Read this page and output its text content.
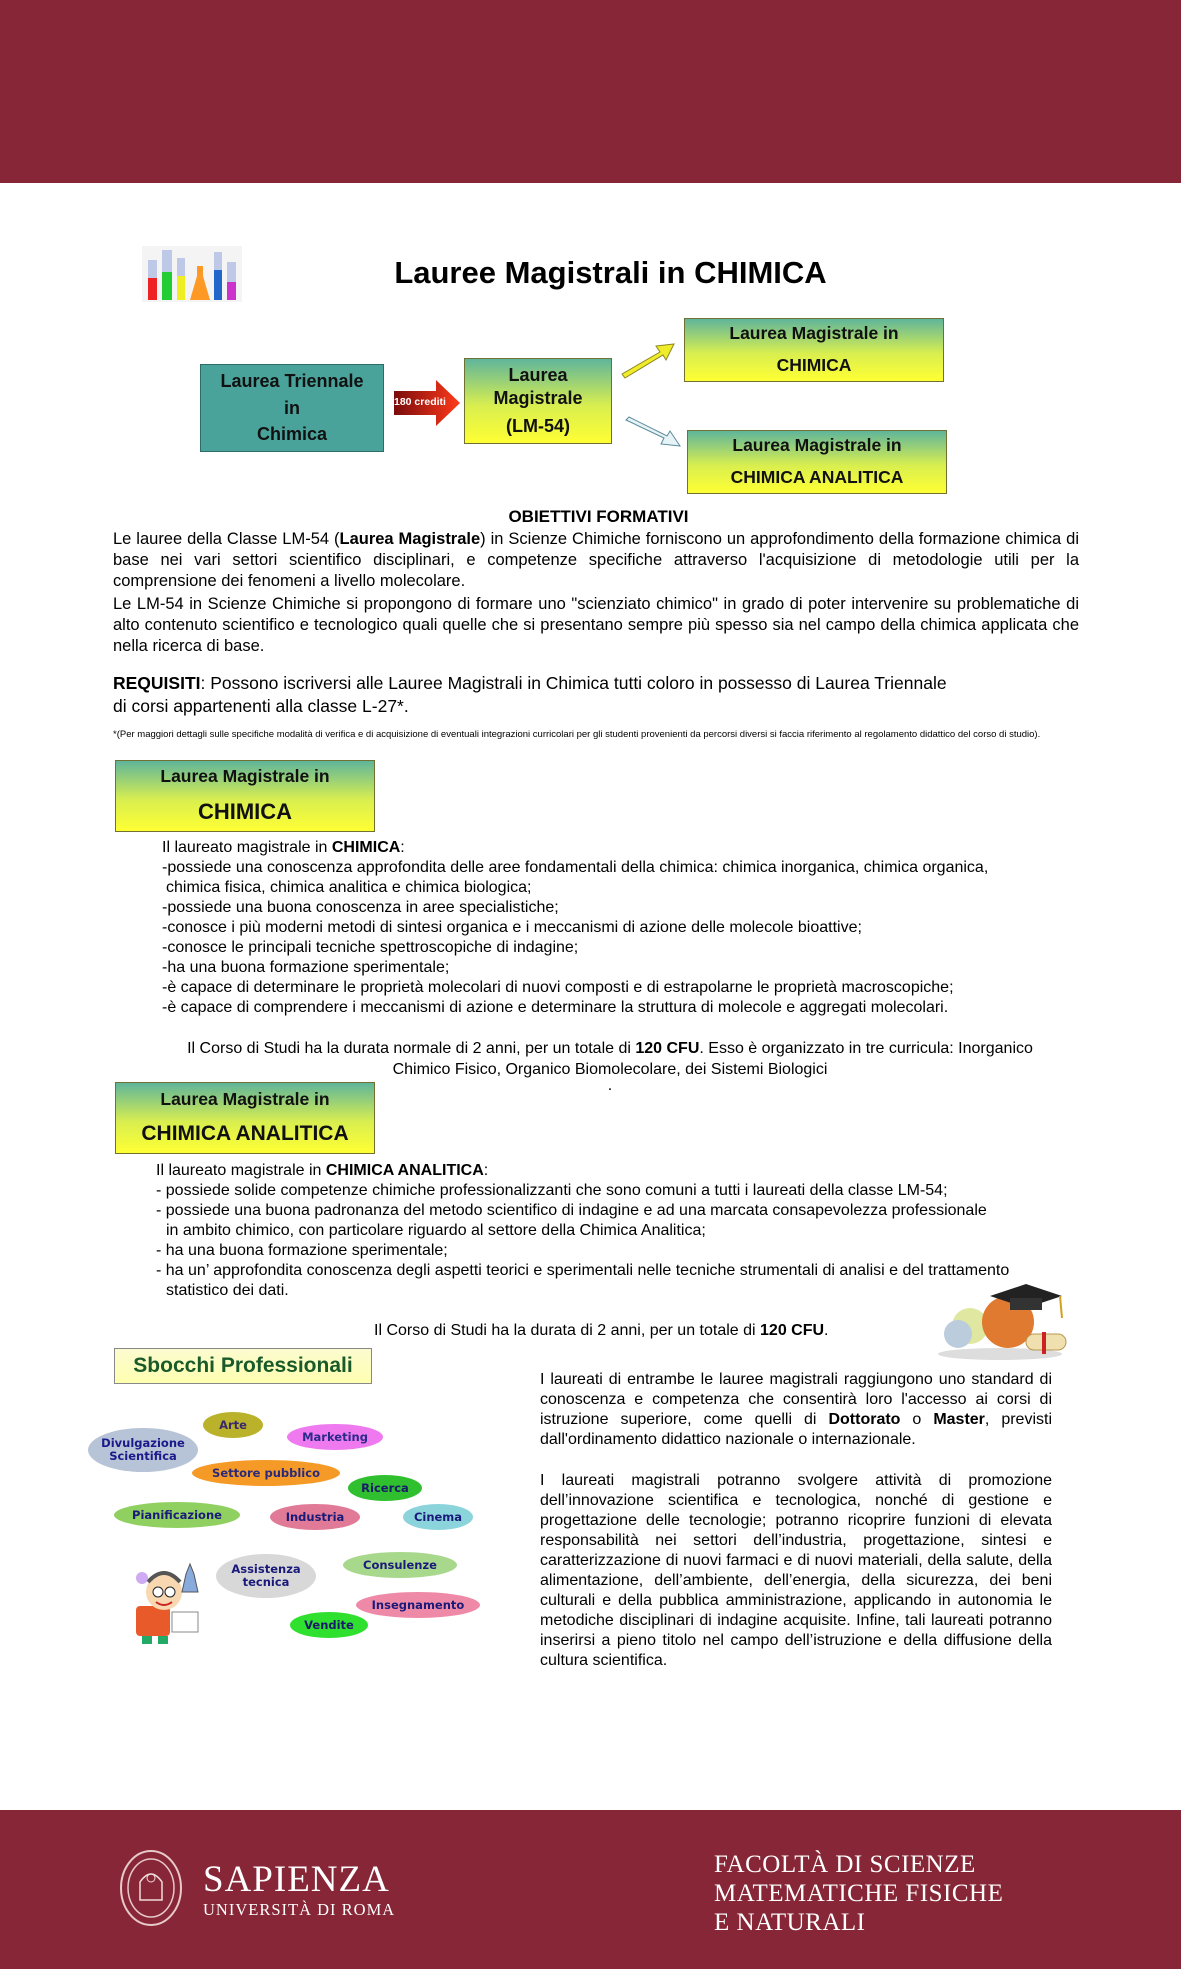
Lauree Magistrali in CHIMICA
Laurea Triennale
in
Chimica
180 crediti
Laurea
Magistrale
(LM-54)
Laurea Magistrale in
CHIMICA
Laurea Magistrale in
CHIMICA ANALITICA
OBIETTIVI FORMATIVI
Le lauree della Classe LM-54 (Laurea Magistrale) in Scienze Chimiche forniscono un approfondimento della formazione chimica di base nei vari settori scientifico disciplinari, e competenze specifiche attraverso l'acquisizione di metodologie utili per la comprensione dei fenomeni a livello molecolare.
Le LM-54 in Scienze Chimiche si propongono di formare uno "scienziato chimico" in grado di poter intervenire su problematiche di alto contenuto scientifico e tecnologico quali quelle che si presentano sempre più spesso sia nel campo della chimica applicata che nella ricerca di base.
REQUISITI: Possono iscriversi alle Lauree Magistrali in Chimica tutti coloro in possesso di Laurea Triennale
di corsi appartenenti alla classe L-27*.
*(Per maggiori dettagli sulle specifiche modalità di verifica e di acquisizione di eventuali integrazioni curricolari per gli studenti provenienti da percorsi diversi si faccia riferimento al regolamento didattico del corso di studio).
Laurea Magistrale in
CHIMICA
Il laureato magistrale in CHIMICA:
-possiede una conoscenza approfondita delle aree fondamentali della chimica: chimica inorganica, chimica organica,
chimica fisica, chimica analitica e chimica biologica;
-possiede una buona conoscenza in aree specialistiche;
-conosce i più moderni metodi di sintesi organica e i meccanismi di azione delle molecole bioattive;
-conosce le principali tecniche spettroscopiche di indagine;
-ha una buona formazione sperimentale;
-è capace di determinare le proprietà molecolari di nuovi composti e di estrapolarne le proprietà macroscopiche;
-è capace di comprendere i meccanismi di azione e determinare la struttura di molecole e aggregati molecolari.
Il Corso di Studi ha la durata normale di 2 anni, per un totale di 120 CFU. Esso è organizzato in tre curricula: Inorganico
Chimico Fisico, Organico Biomolecolare, dei Sistemi Biologici
.
Laurea Magistrale in
CHIMICA ANALITICA
Il laureato magistrale in CHIMICA ANALITICA:
- possiede solide competenze chimiche professionalizzanti che sono comuni a tutti i laureati della classe LM-54;
- possiede una buona padronanza del metodo scientifico di indagine e ad una marcata consapevolezza professionale
in ambito chimico, con particolare riguardo al settore della Chimica Analitica;
- ha una buona formazione sperimentale;
- ha un’ approfondita conoscenza degli aspetti teorici e sperimentali nelle tecniche strumentali di analisi e del trattamento
statistico dei dati.
Il Corso di Studi ha la durata di 2 anni, per un totale di 120 CFU.
Sbocchi Professionali
Arte
Marketing
Divulgazione Scientifica
Settore pubblico
Ricerca
Pianificazione	Industria	Cinema
Assistenza tecnica
Consulenze
Insegnamento
Vendite
I laureati di entrambe le lauree magistrali raggiungono uno standard di conoscenza e competenza che consentirà loro l'accesso ai corsi di istruzione superiore, come quelli di Dottorato o Master, previsti dall'ordinamento didattico nazionale o internazionale.
I laureati magistrali potranno svolgere attività di promozione dell’innovazione scientifica e tecnologica, nonché di gestione e progettazione delle tecnologie; potranno ricoprire funzioni di elevata responsabilità nei settori dell’industria, progettazione, sintesi e caratterizzazione di nuovi farmaci e di nuovi materiali, della salute, della alimentazione, dell’ambiente, dell’energia, della sicurezza, dei beni culturali e della pubblica amministrazione, applicando in autonomia le metodiche disciplinari di indagine acquisite. Infine, tali laureati potranno inserirsi a pieno titolo nel campo dell’istruzione e della diffusione della cultura scientifica.
SAPIENZA
UNIVERSITÀ DI ROMA
FACOLTÀ DI SCIENZE
MATEMATICHE FISICHE
E NATURALI
